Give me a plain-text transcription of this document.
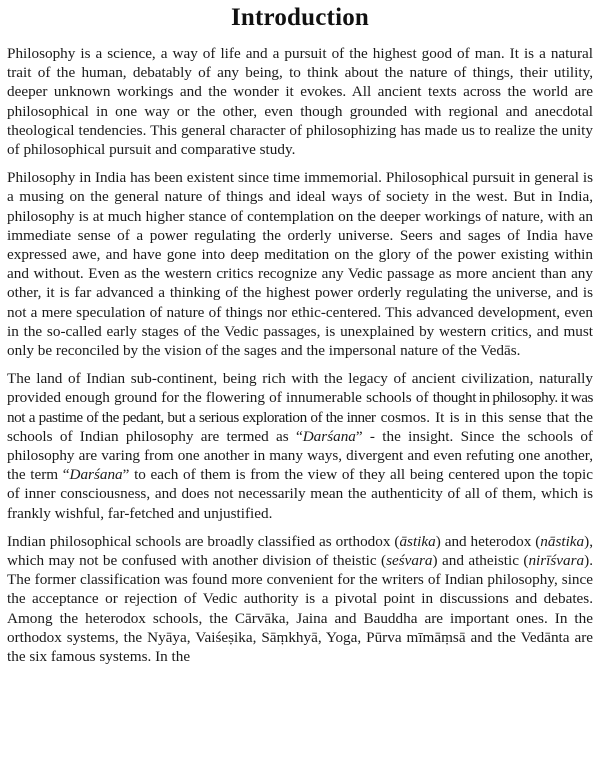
Introduction

Philosophy is a science, a way of life and a pursuit of the highest good of man. It is a natural trait of the human, debatably of any being, to think about the nature of things, their utility, deeper unknown workings and the wonder it evokes. All ancient texts across the world are philosophical in one way or the other, even though grounded with regional and anecdotal theological tendencies. This general character of philosophizing has made us to realize the unity of philosophical pursuit and comparative study.

Philosophy in India has been existent since time immemorial. Philosophical pursuit in general is a musing on the general nature of things and ideal ways of society in the west. But in India, philosophy is at much higher stance of contemplation on the deeper workings of nature, with an immediate sense of a power regulating the orderly universe. Seers and sages of India have expressed awe, and have gone into deep meditation on the glory of the power existing within and without. Even as the western critics recognize any Vedic passage as more ancient than any other, it is far advanced a thinking of the highest power orderly regulating the universe, and is not a mere speculation of nature of things nor ethic-centered. This advanced development, even in the so-called early stages of the Vedic passages, is unexplained by western critics, and must only be reconciled by the vision of the sages and the impersonal nature of the Vedās.

The land of Indian sub-continent, being rich with the legacy of ancient civilization, naturally provided enough ground for the flowering of innumerable schools of thought in philosophy. it was not a pastime of the pedant, but a serious exploration of the inner cosmos. It is in this sense that the schools of Indian philosophy are termed as “Darśana” - the insight. Since the schools of philosophy are varing from one another in many ways, divergent and even refuting one another, the term “Darśana” to each of them is from the view of they all being centered upon the topic of inner consciousness, and does not necessarily mean the authenticity of all of them, which is frankly wishful, far-fetched and unjustified.

Indian philosophical schools are broadly classified as orthodox (āstika) and heterodox (nāstika), which may not be confused with another division of theistic (seśvara) and atheistic (nirīśvara). The former classification was found more convenient for the writers of Indian philosophy, since the acceptance or rejection of Vedic authority is a pivotal point in discussions and debates. Among the heterodox schools, the Cārvāka, Jaina and Bauddha are important ones. In the orthodox systems, the Nyāya, Vaiśeṣika, Sāṃkhyā, Yoga, Pūrva mīmāṃsā and the Vedānta are the six famous systems. In the
